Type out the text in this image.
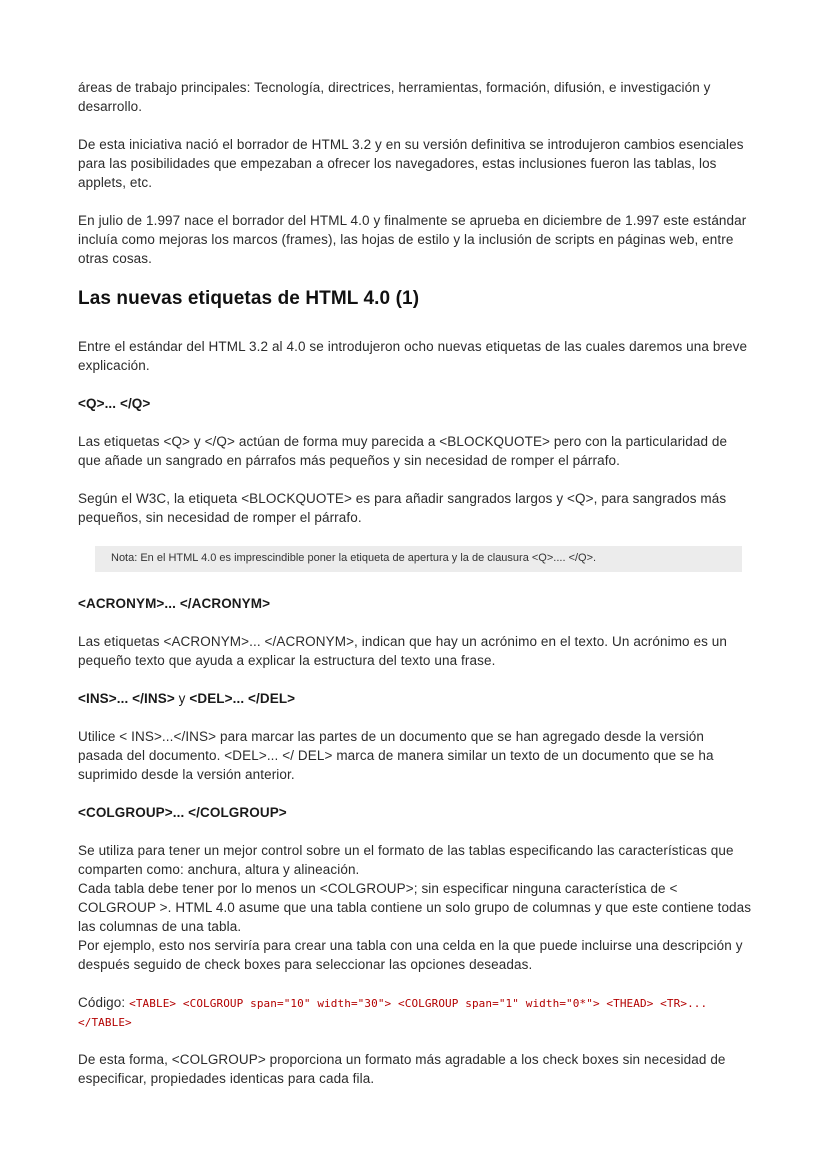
áreas de trabajo principales: Tecnología, directrices, herramientas, formación, difusión, e investigación y desarrollo.

De esta iniciativa nació el borrador de HTML 3.2 y en su versión definitiva se introdujeron cambios esenciales para las posibilidades que empezaban a ofrecer los navegadores, estas inclusiones fueron las tablas, los applets, etc.

En julio de 1.997 nace el borrador del HTML 4.0 y finalmente se aprueba en diciembre de 1.997 este estándar incluía como mejoras los marcos (frames), las hojas de estilo y la inclusión de scripts en páginas web, entre otras cosas.

Las nuevas etiquetas de HTML 4.0 (1)

Entre el estándar del HTML 3.2 al 4.0 se introdujeron ocho nuevas etiquetas de las cuales daremos una breve explicación.

<Q>... </Q>

Las etiquetas <Q> y </Q> actúan de forma muy parecida a <BLOCKQUOTE> pero con la particularidad de que añade un sangrado en párrafos más pequeños y sin necesidad de romper el párrafo.

Según el W3C, la etiqueta <BLOCKQUOTE> es para añadir sangrados largos y <Q>, para sangrados más pequeños, sin necesidad de romper el párrafo.

Nota: En el HTML 4.0 es imprescindible poner la etiqueta de apertura y la de clausura <Q>.... </Q>.
<ACRONYM>... </ACRONYM>

Las etiquetas <ACRONYM>... </ACRONYM>, indican que hay un acrónimo en el texto. Un acrónimo es un pequeño texto que ayuda a explicar la estructura del texto una frase.

<INS>... </INS> y <DEL>... </DEL>

Utilice < INS>...</INS> para marcar las partes de un documento que se han agregado desde la versión pasada del documento. <DEL>... </ DEL> marca de manera similar un texto de un documento que se ha suprimido desde la versión anterior.

<COLGROUP>... </COLGROUP>

Se utiliza para tener un mejor control sobre un el formato de las tablas especificando las características que comparten como: anchura, altura y alineación.
Cada tabla debe tener por lo menos un <COLGROUP>; sin especificar ninguna característica de < COLGROUP >. HTML 4.0 asume que una tabla contiene un solo grupo de columnas y que este contiene todas las columnas de una tabla.
Por ejemplo, esto nos serviría para crear una tabla con una celda en la que puede incluirse una descripción y después seguido de check boxes para seleccionar las opciones deseadas.

Código: <TABLE> <COLGROUP span="10" width="30"> <COLGROUP span="1" width="0*"> <THEAD> <TR>... </TABLE>

De esta forma, <COLGROUP> proporciona un formato más agradable a los check boxes sin necesidad de especificar, propiedades identicas para cada fila.
